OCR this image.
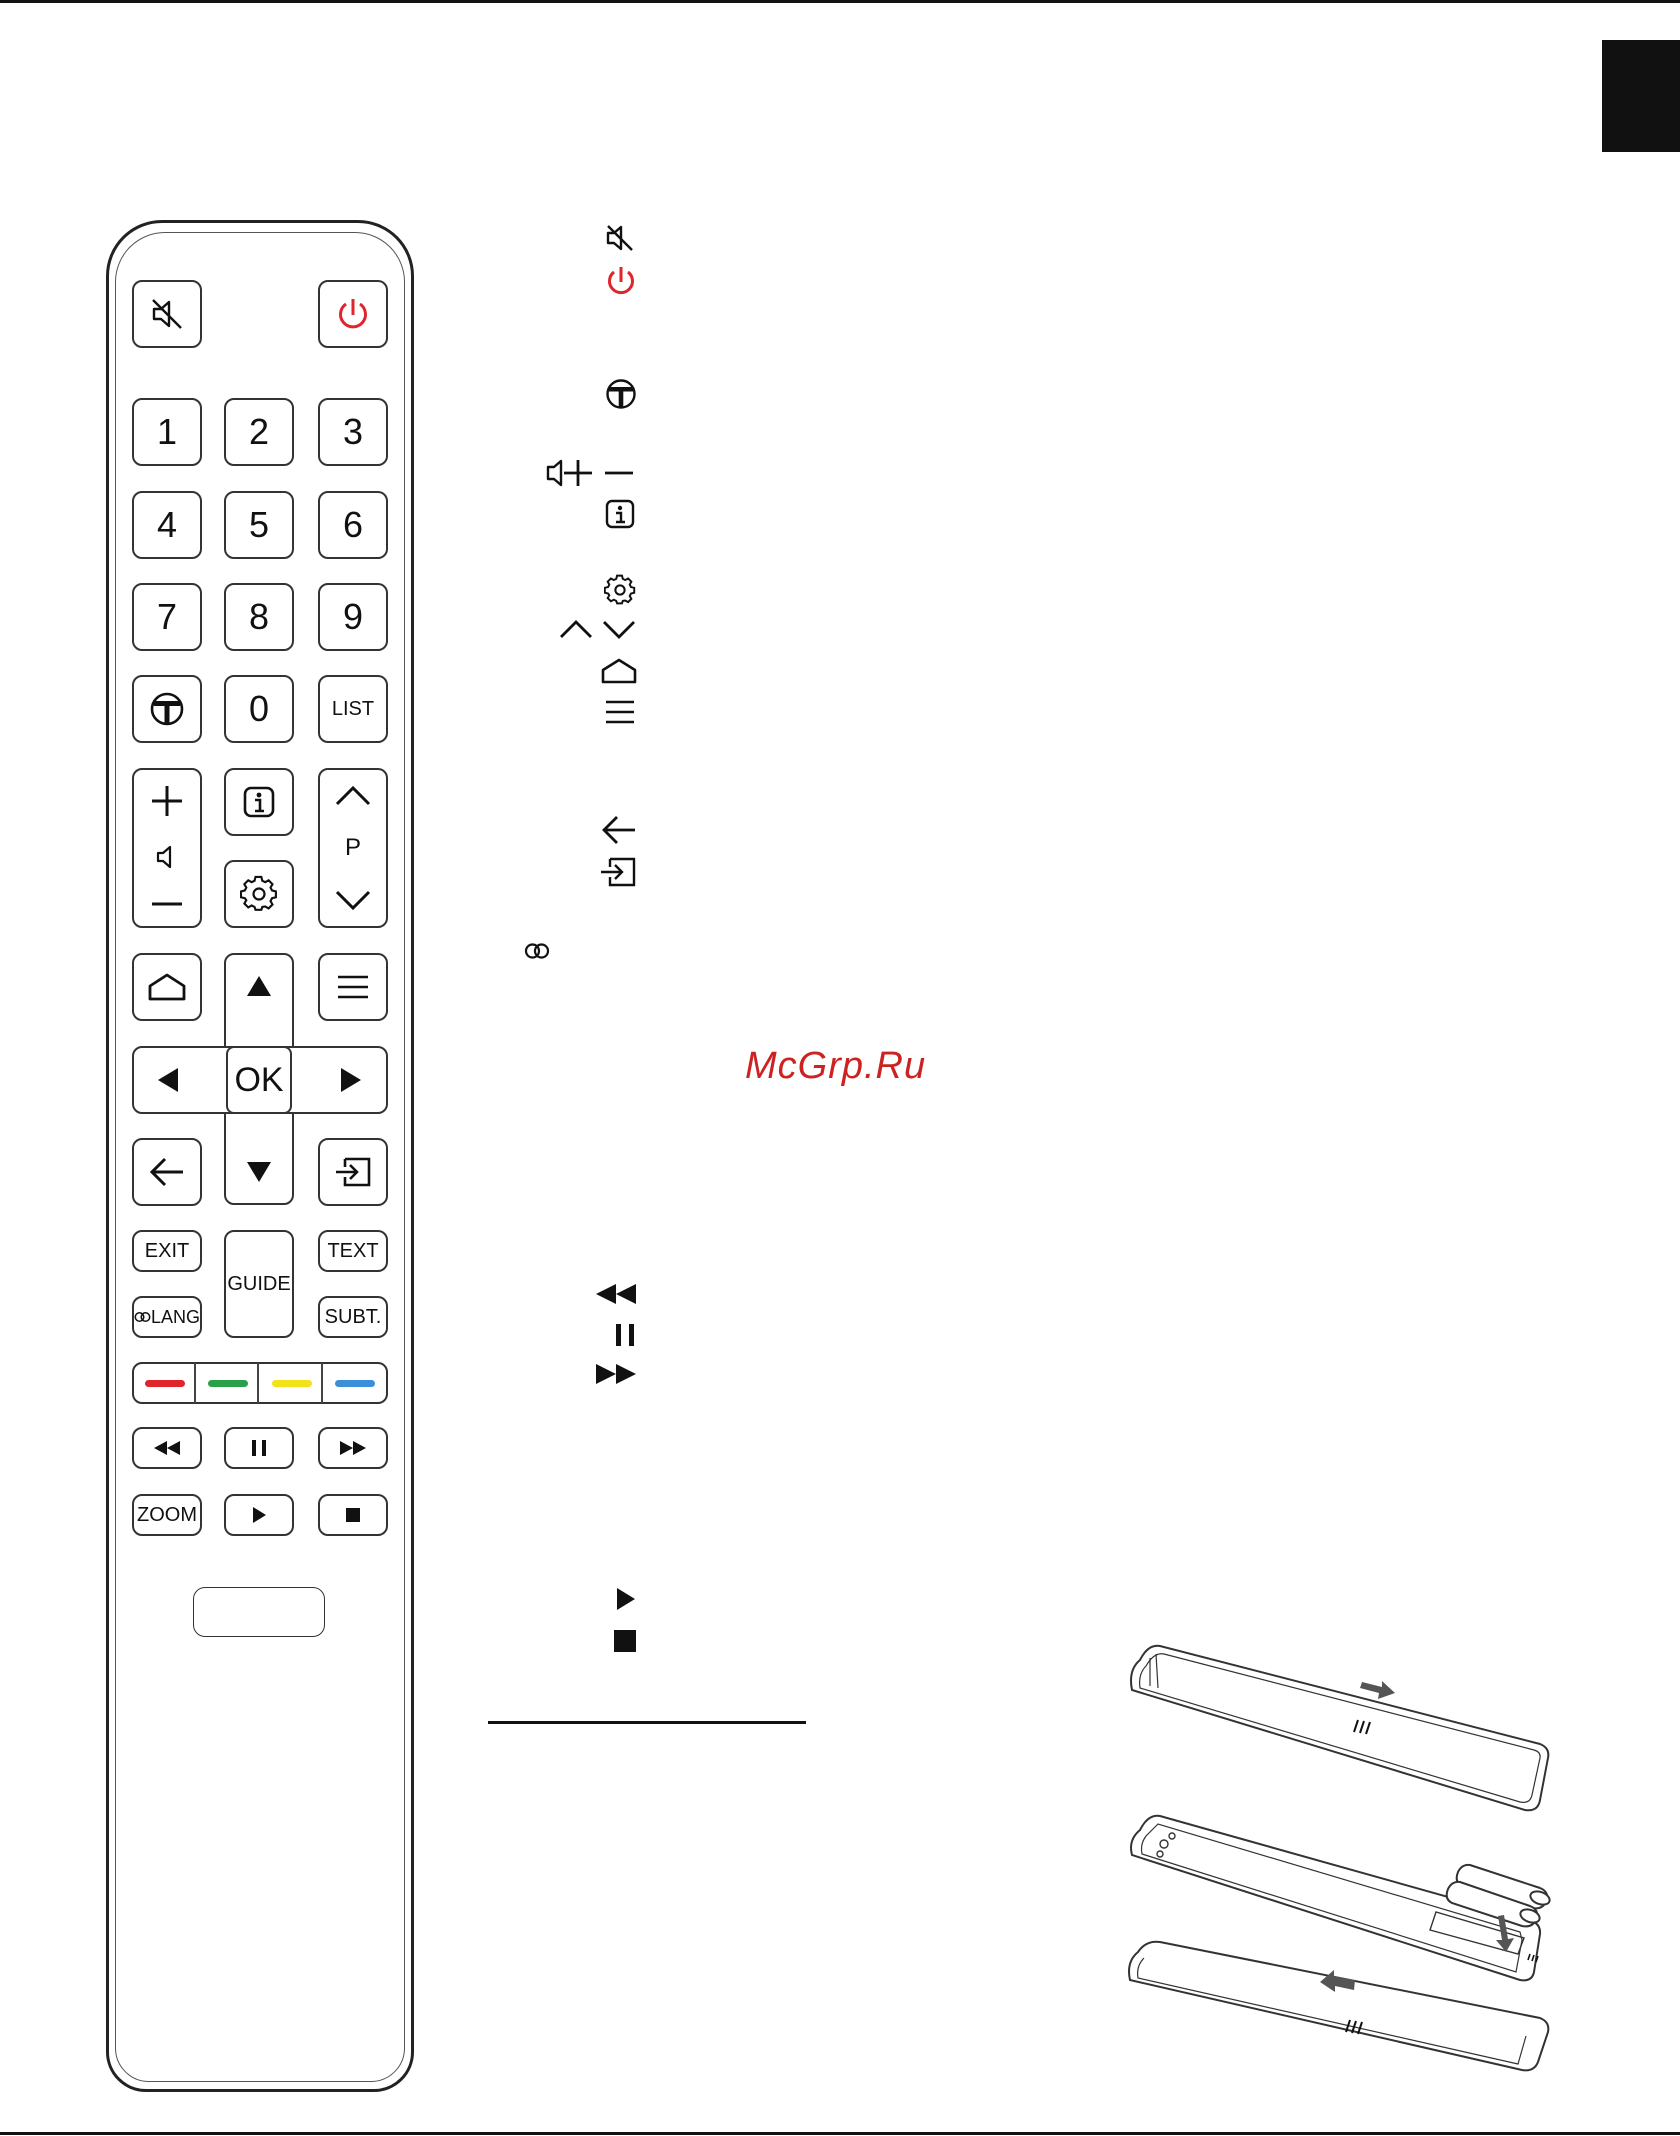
1 2 3
4 5 6
7 8 9
0	LIST
P
OK
EXIT
GUIDE
TEXT
LANG	SUBT.
ZOOM
McGrp.Ru
